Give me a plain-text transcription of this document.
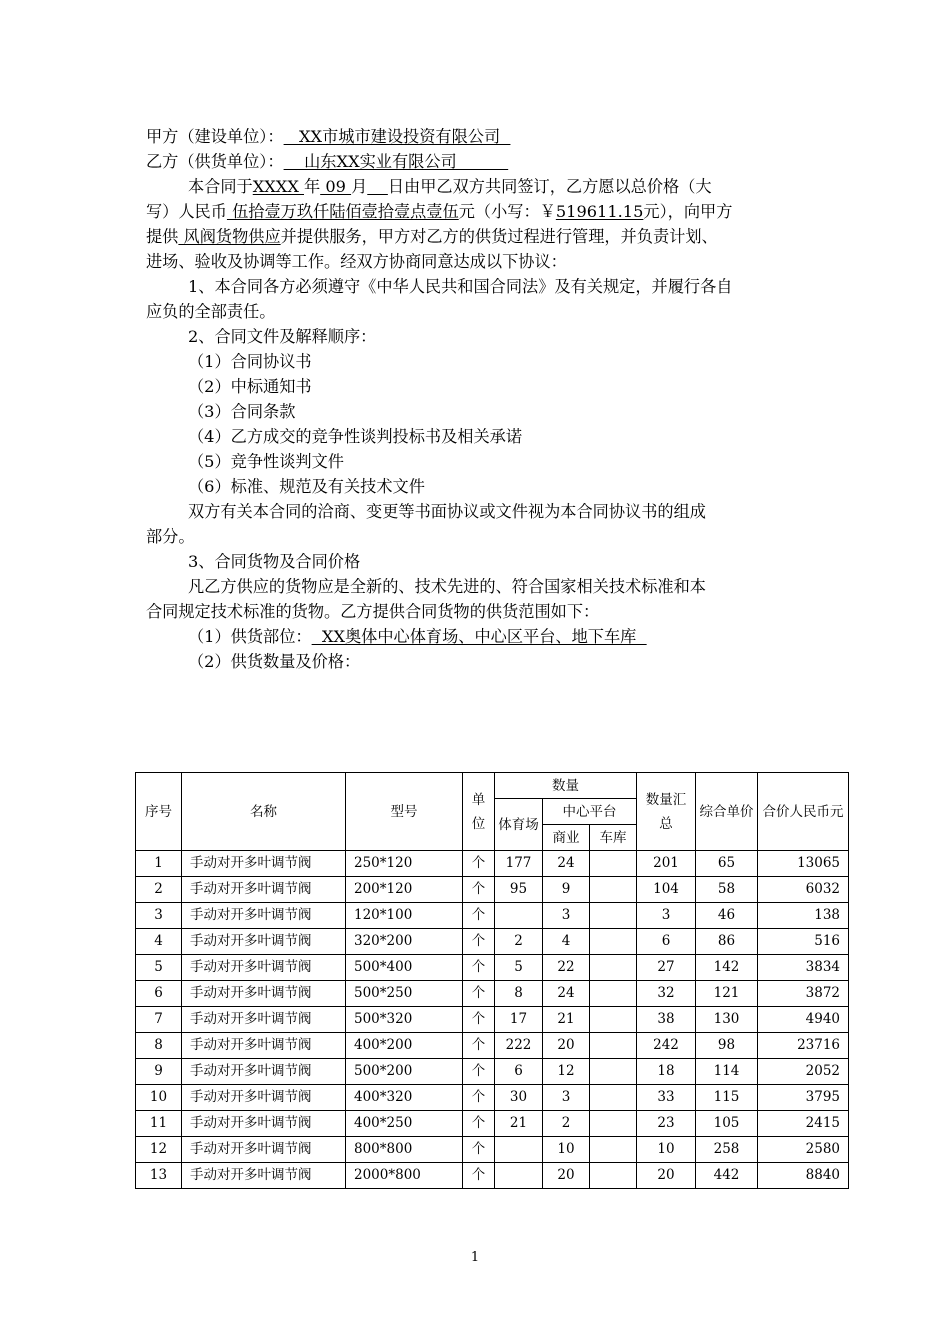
甲方（建设单位）：   XX市城市建设投资有限公司
乙方（供货单位）：    山东XX实业有限公司
本合同于XXXX 年 09 月 日由甲乙双方共同签订，乙方愿以总价格（大
写）人民币 伍拾壹万玖仟陆佰壹拾壹点壹伍元（小写：￥519611.15元），向甲方
提供 风阀货物供应并提供服务，甲方对乙方的供货过程进行管理，并负责计划、
进场、验收及协调等工作。经双方协商同意达成以下协议：
1、本合同各方必须遵守《中华人民共和国合同法》及有关规定，并履行各自
应负的全部责任。
2、合同文件及解释顺序：
（1）合同协议书
（2）中标通知书
（3）合同条款
（4）乙方成交的竞争性谈判投标书及相关承诺
（5）竞争性谈判文件
（6）标准、规范及有关技术文件
双方有关本合同的洽商、变更等书面协议或文件视为本合同协议书的组成
部分。
3、合同货物及合同价格
凡乙方供应的货物应是全新的、技术先进的、符合国家相关技术标准和本
合同规定技术标准的货物。乙方提供合同货物的供货范围如下：
（1）供货部位：  XX奥体中心体育场、中心区平台、地下车库
（2）供货数量及价格：
序号	名称	型号	单位	数量			数量汇总	综合单价	合价人民币元
				体育场	中心平台				
					商业	车库			

1	手动对开多叶调节阀	250*120	个	177	24		201	65	13065
2	手动对开多叶调节阀	200*120	个	95	9		104	58	6032
3	手动对开多叶调节阀	120*100	个		3		3	46	138
4	手动对开多叶调节阀	320*200	个	2	4		6	86	516
5	手动对开多叶调节阀	500*400	个	5	22		27	142	3834
6	手动对开多叶调节阀	500*250	个	8	24		32	121	3872
7	手动对开多叶调节阀	500*320	个	17	21		38	130	4940
8	手动对开多叶调节阀	400*200	个	222	20		242	98	23716
9	手动对开多叶调节阀	500*200	个	6	12		18	114	2052
10	手动对开多叶调节阀	400*320	个	30	3		33	115	3795
11	手动对开多叶调节阀	400*250	个	21	2		23	105	2415
12	手动对开多叶调节阀	800*800	个		10		10	258	2580
13	手动对开多叶调节阀	2000*800	个		20		20	442	8840
1
